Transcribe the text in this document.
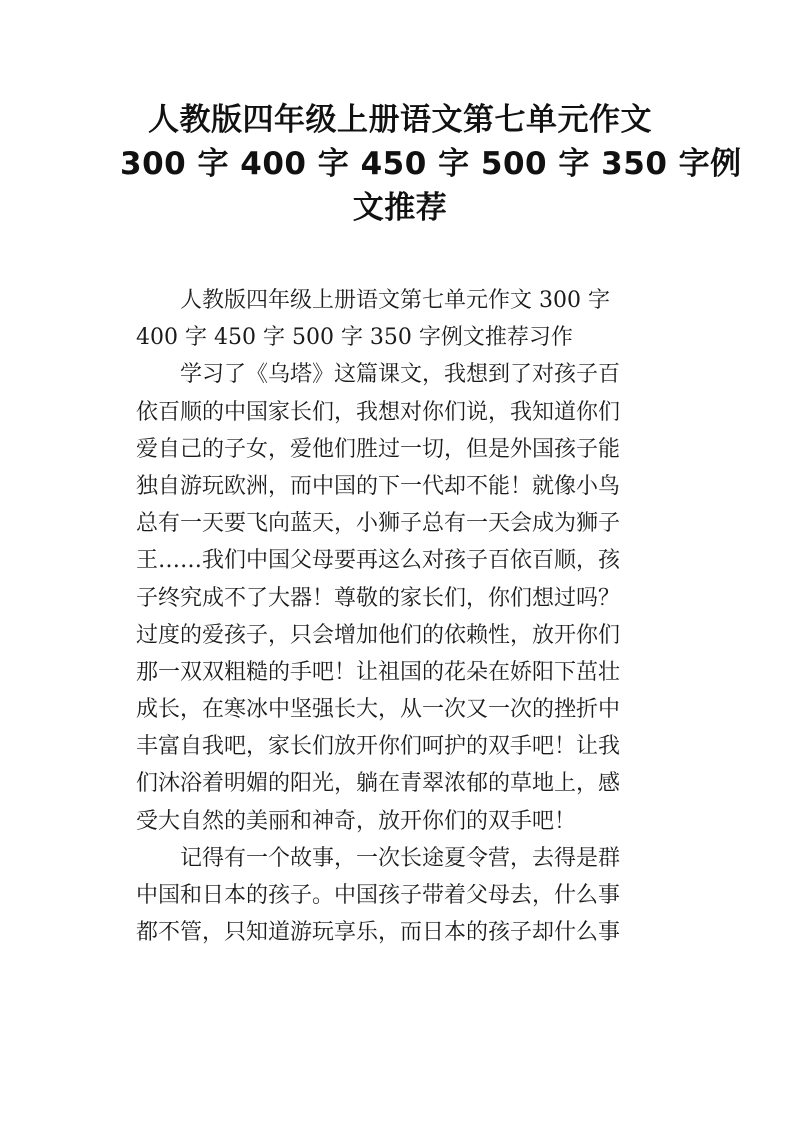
人教版四年级上册语文第七单元作文
300 字 400 字 450 字 500 字 350 字例
文推荐
人教版四年级上册语文第七单元作文 300 字
400 字 450 字 500 字 350 字例文推荐习作
学习了《乌塔》这篇课文，我想到了对孩子百
依百顺的中国家长们，我想对你们说，我知道你们
爱自己的子女，爱他们胜过一切，但是外国孩子能
独自游玩欧洲，而中国的下一代却不能！就像小鸟
总有一天要飞向蓝天，小狮子总有一天会成为狮子
王……我们中国父母要再这么对孩子百依百顺，孩
子终究成不了大器！尊敬的家长们，你们想过吗？
过度的爱孩子，只会增加他们的依赖性，放开你们
那一双双粗糙的手吧！让祖国的花朵在娇阳下茁壮
成长，在寒冰中坚强长大，从一次又一次的挫折中
丰富自我吧，家长们放开你们呵护的双手吧！让我
们沐浴着明媚的阳光，躺在青翠浓郁的草地上，感
受大自然的美丽和神奇，放开你们的双手吧！
记得有一个故事，一次长途夏令营，去得是群
中国和日本的孩子。中国孩子带着父母去，什么事
都不管，只知道游玩享乐，而日本的孩子却什么事
